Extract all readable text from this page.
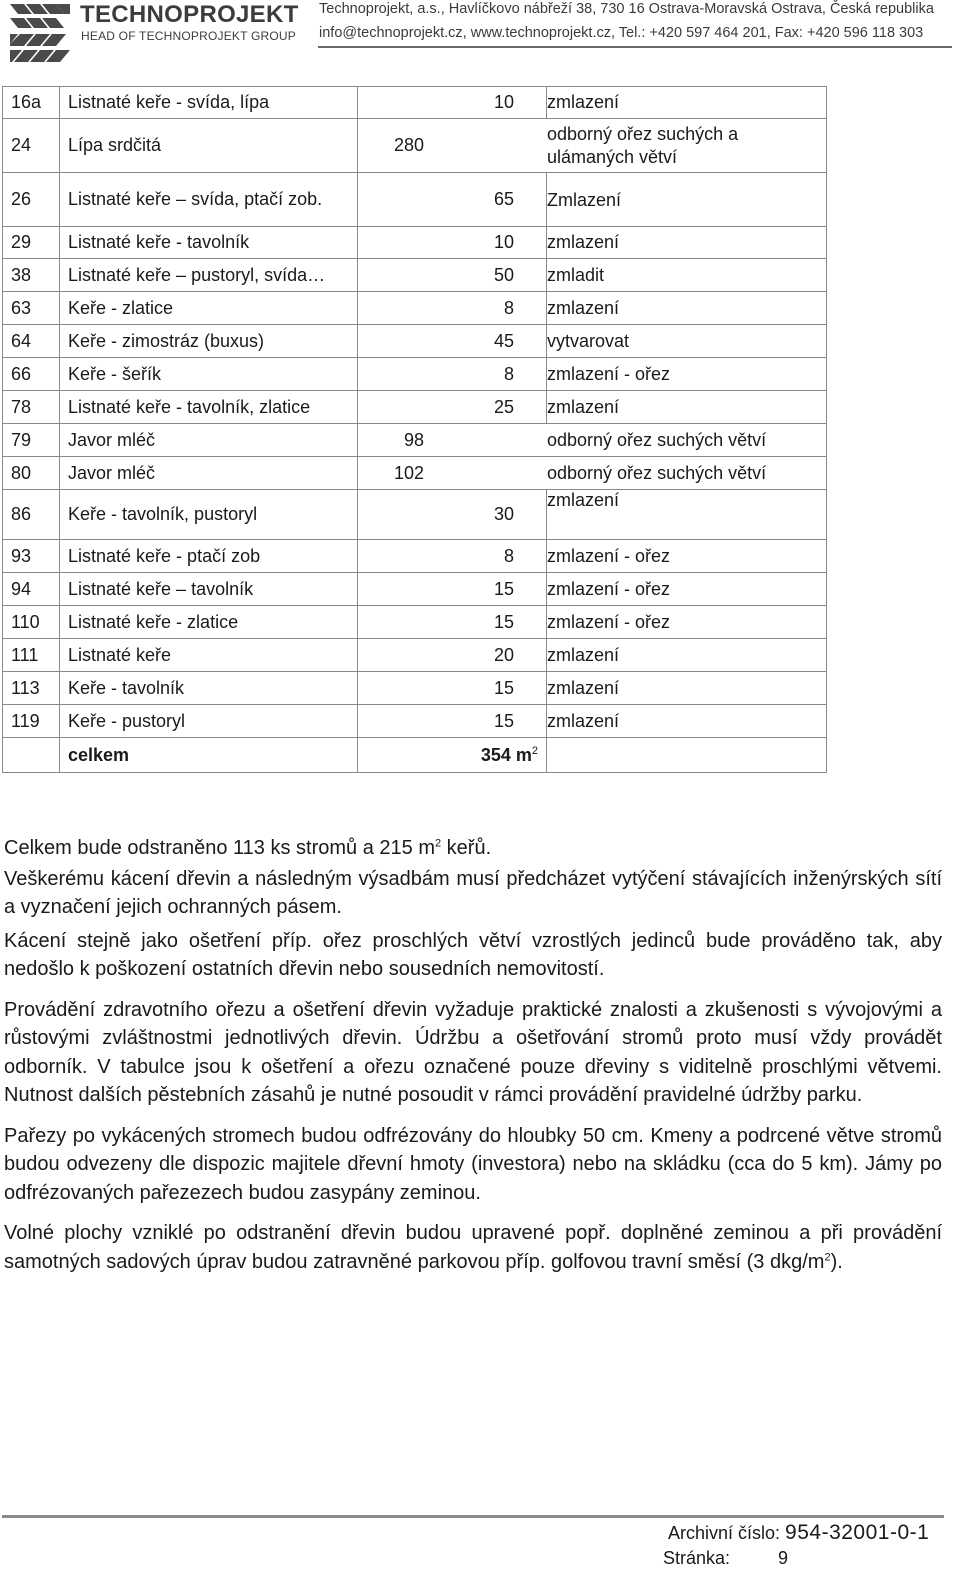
TECHNOPROJEKT
HEAD OF TECHNOPROJEKT GROUP
Technoprojekt, a.s., Havlíčkovo nábřeží 38, 730 16 Ostrava-Moravská Ostrava, Česká republika
info@technoprojekt.cz, www.technoprojekt.cz, Tel.: +420 597 464 201, Fax: +420 596 118 303
16a	Listnaté keře - svída, lípa	10	zmlazení
24	Lípa srdčitá	280	odborný ořez suchých a ulámaných větví
26	Listnaté keře – svída, ptačí zob.	65	Zmlazení
29	Listnaté keře - tavolník	10	zmlazení
38	Listnaté keře – pustoryl, svída…	50	zmladit
63	Keře - zlatice	8	zmlazení
64	Keře - zimostráz (buxus)	45	vytvarovat
66	Keře - šeřík	8	zmlazení - ořez
78	Listnaté keře - tavolník, zlatice	25	zmlazení
79	Javor mléč	98	odborný ořez suchých větví
80	Javor mléč	102	odborný ořez suchých větví
86	Keře - tavolník, pustoryl	30	zmlazení
93	Listnaté keře - ptačí zob	8	zmlazení - ořez
94	Listnaté keře – tavolník	15	zmlazení - ořez
110	Listnaté keře - zlatice	15	zmlazení - ořez
111	Listnaté keře	20	zmlazení
113	Keře - tavolník	15	zmlazení
119	Keře - pustoryl	15	zmlazení
	celkem	354 $m^2$	

Celkem bude odstraněno 113 ks stromů a 215 $m^2$ keřů.

Veškerému kácení dřevin a následným výsadbám musí předcházet vytýčení stávajících inženýrských sítí a vyznačení jejich ochranných pásem.

Kácení stejně jako ošetření příp. ořez proschlých větví vzrostlých jedinců bude prováděno tak, aby nedošlo k poškození ostatních dřevin nebo sousedních nemovitostí.

Provádění zdravotního ořezu a ošetření dřevin vyžaduje praktické znalosti a zkušenosti s vývojovými a růstovými zvláštnostmi jednotlivých dřevin. Údržbu a ošetřování stromů proto musí vždy provádět odborník. V tabulce jsou k ošetření a ořezu označené pouze dřeviny s viditelně proschlými větvemi. Nutnost dalších pěstebních zásahů je nutné posoudit v rámci provádění pravidelné údržby parku.

Pařezy po vykácených stromech budou odfrézovány do hloubky 50 cm. Kmeny a podrcené větve stromů budou odvezeny dle dispozic majitele dřevní hmoty (investora) nebo na skládku (cca do 5 km). Jámy po odfrézovaných pařezezech budou zasypány zeminou.

Volné plochy vzniklé po odstranění dřevin budou upravené popř. doplněné zeminou a při provádění samotných sadových úprav budou zatravněné parkovou příp. golfovou travní směsí (3 dkg/$m^2$).

Archivní číslo: 954-32001-0-1
Stránka:	9
